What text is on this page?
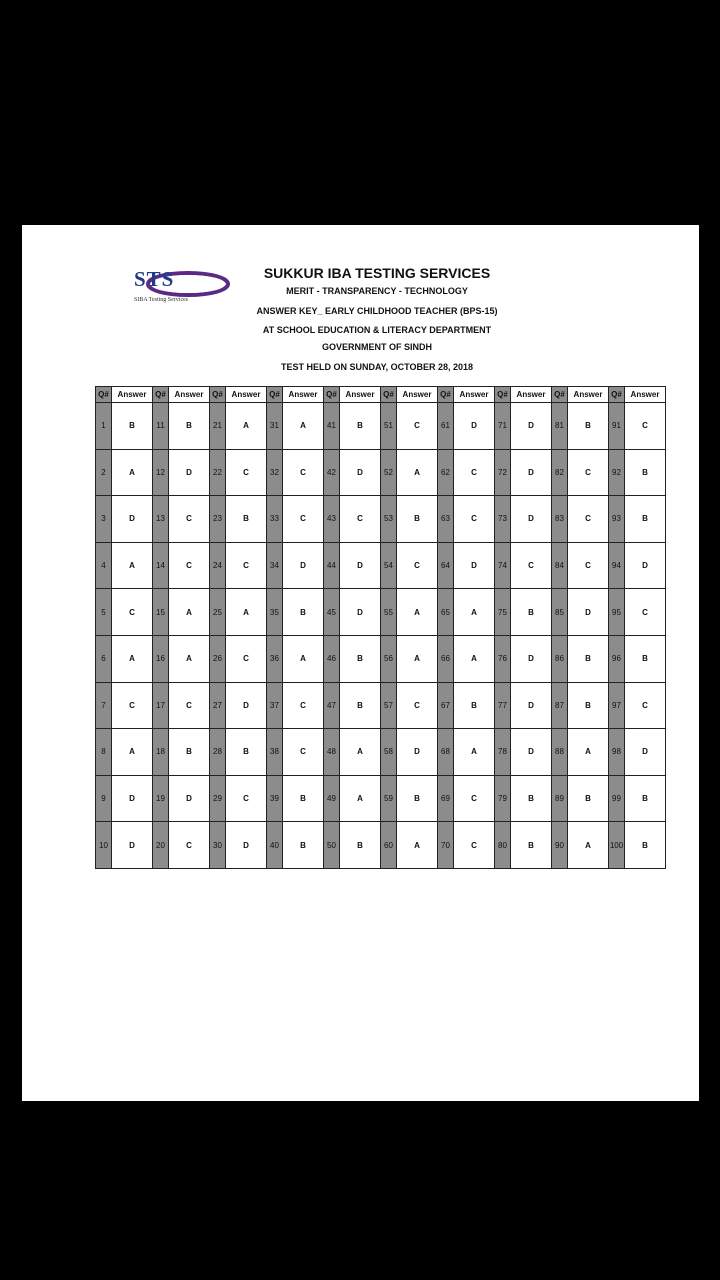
STS
SIBA Testing Services
SUKKUR IBA TESTING SERVICES
MERIT - TRANSPARENCY - TECHNOLOGY
ANSWER KEY_ EARLY CHILDHOOD TEACHER (BPS-15)
AT SCHOOL EDUCATION & LITERACY DEPARTMENT
GOVERNMENT OF SINDH
TEST HELD ON SUNDAY, OCTOBER 28, 2018
Q#	Answer	Q#	Answer	Q#	Answer	Q#	Answer	Q#	Answer	Q#	Answer	Q#	Answer	Q#	Answer	Q#	Answer	Q#	Answer
1	B	11	B	21	A	31	A	41	B	51	C	61	D	71	D	81	B	91	C
2	A	12	D	22	C	32	C	42	D	52	A	62	C	72	D	82	C	92	B
3	D	13	C	23	B	33	C	43	C	53	B	63	C	73	D	83	C	93	B
4	A	14	C	24	C	34	D	44	D	54	C	64	D	74	C	84	C	94	D
5	C	15	A	25	A	35	B	45	D	55	A	65	A	75	B	85	D	95	C
6	A	16	A	26	C	36	A	46	B	56	A	66	A	76	D	86	B	96	B
7	C	17	C	27	D	37	C	47	B	57	C	67	B	77	D	87	B	97	C
8	A	18	B	28	B	38	C	48	A	58	D	68	A	78	D	88	A	98	D
9	D	19	D	29	C	39	B	49	A	59	B	69	C	79	B	89	B	99	B
10	D	20	C	30	D	40	B	50	B	60	A	70	C	80	B	90	A	100	B
